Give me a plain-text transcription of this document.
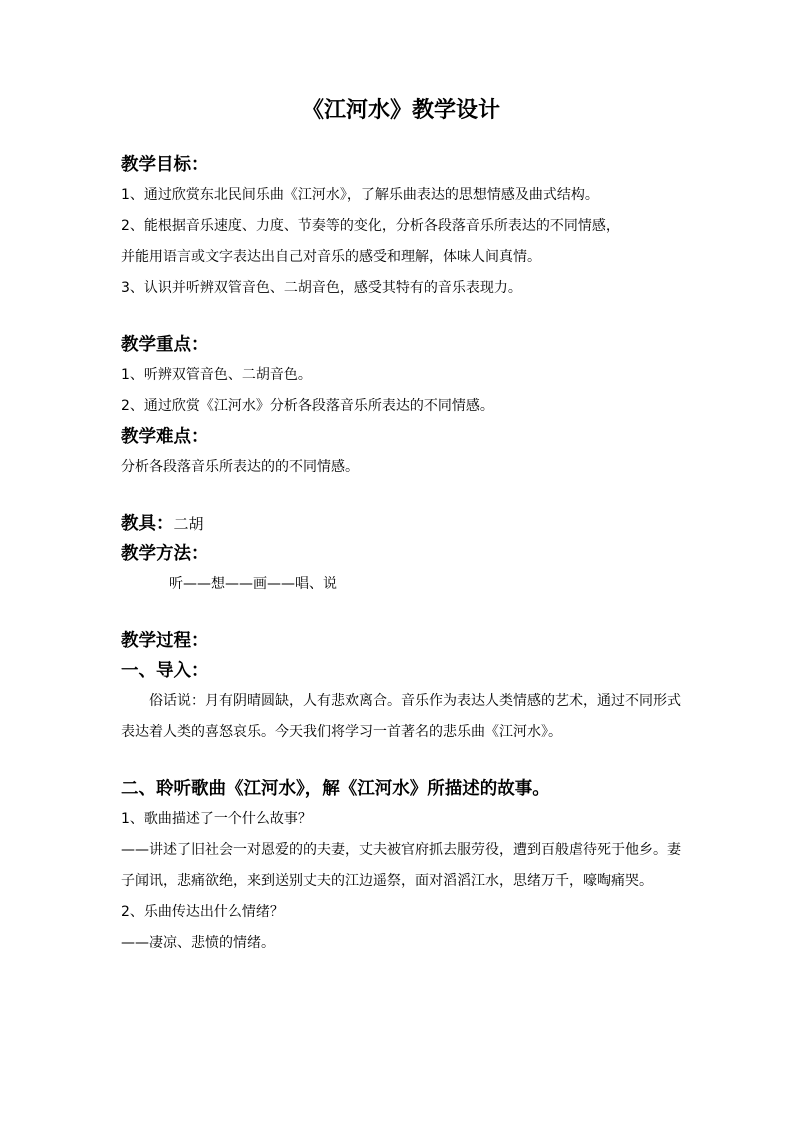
《江河水》教学设计

教学目标：

1、通过欣赏东北民间乐曲《江河水》，了解乐曲表达的思想情感及曲式结构。

2、能根据音乐速度、力度、节奏等的变化，分析各段落音乐所表达的不同情感，

并能用语言或文字表达出自己对音乐的感受和理解，体味人间真情。

3、认识并听辨双管音色、二胡音色，感受其特有的音乐表现力。

教学重点：

1、听辨双管音色、二胡音色。

2、通过欣赏《江河水》分析各段落音乐所表达的不同情感。

教学难点：

分析各段落音乐所表达的的不同情感。

教具：二胡

教学方法：

听——想——画——唱、说

教学过程：

一、导入：

俗话说：月有阴晴圆缺，人有悲欢离合。音乐作为表达人类情感的艺术，通过不同形式表达着人类的喜怒哀乐。今天我们将学习一首著名的悲乐曲《江河水》。

二、聆听歌曲《江河水》，解《江河水》所描述的故事。

1、歌曲描述了一个什么故事？

——讲述了旧社会一对恩爱的的夫妻，丈夫被官府抓去服劳役，遭到百般虐待死于他乡。妻子闻讯，悲痛欲绝，来到送别丈夫的江边遥祭，面对滔滔江水，思绪万千，嚎啕痛哭。

2、乐曲传达出什么情绪？

——凄凉、悲愤的情绪。
